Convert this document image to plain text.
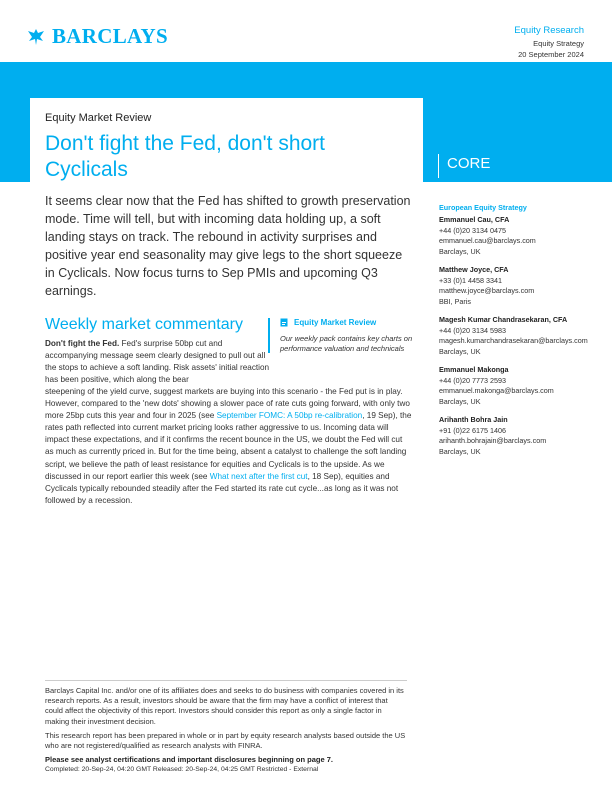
BARCLAYS	Equity Research
Equity Strategy
20 September 2024
CORE
Equity Market Review
Don't fight the Fed, don't short Cyclicals

It seems clear now that the Fed has shifted to growth preservation mode. Time will tell, but with incoming data holding up, a soft landing stays on track. The rebound in activity surprises and positive year end seasonality may give legs to the short squeeze in Cyclicals. Now focus turns to Sep PMIs and upcoming Q3 earnings.

Weekly market commentary	Equity Market Review
Our weekly pack contains key charts on performance valuation and technicals

Don't fight the Fed. Fed's surprise 50bp cut and accompanying message seem clearly designed to pull out all the stops to achieve a soft landing. Risk assets' initial reaction has been positive, which along the bear

steepening of the yield curve, suggest markets are buying into this scenario - the Fed put is in play. However, compared to the 'new dots' showing a slower pace of rate cuts going forward, with only two more 25bp cuts this year and four in 2025 (see September FOMC: A 50bp re-calibration, 19 Sep), the rates path reflected into current market pricing looks rather aggressive to us. Incoming data will impact these expectations, and if it confirms the recent bounce in the US, we doubt the Fed will cut as much as currently priced in. But for the time being, absent a catalyst to challenge the soft landing script, we believe the path of least resistance for equities and Cyclicals is to the upside. As we discussed in our report earlier this week (see What next after the first cut, 18 Sep), equities and Cyclicals typically rebounded steadily after the Fed started its rate cut cycle...as long as it was not followed by a recession.

European Equity Strategy
Emmanuel Cau, CFA
+44 (0)20 3134 0475
emmanuel.cau@barclays.com
Barclays, UK
Matthew Joyce, CFA
+33 (0)1 4458 3341
matthew.joyce@barclays.com
BBI, Paris
Magesh Kumar Chandrasekaran, CFA
+44 (0)20 3134 5983
magesh.kumarchandrasekaran@barclays.com
Barclays, UK
Emmanuel Makonga
+44 (0)20 7773 2593
emmanuel.makonga@barclays.com
Barclays, UK
Arihanth Bohra Jain
+91 (0)22 6175 1406
arihanth.bohrajain@barclays.com
Barclays, UK

Barclays Capital Inc. and/or one of its affiliates does and seeks to do business with companies covered in its research reports. As a result, investors should be aware that the firm may have a conflict of interest that could affect the objectivity of this report. Investors should consider this report as only a single factor in making their investment decision.

This research report has been prepared in whole or in part by equity research analysts based outside the US who are not registered/qualified as research analysts with FINRA.

Please see analyst certifications and important disclosures beginning on page 7.

Completed: 20-Sep-24, 04:20 GMT Released: 20-Sep-24, 04:25 GMT Restricted - External
